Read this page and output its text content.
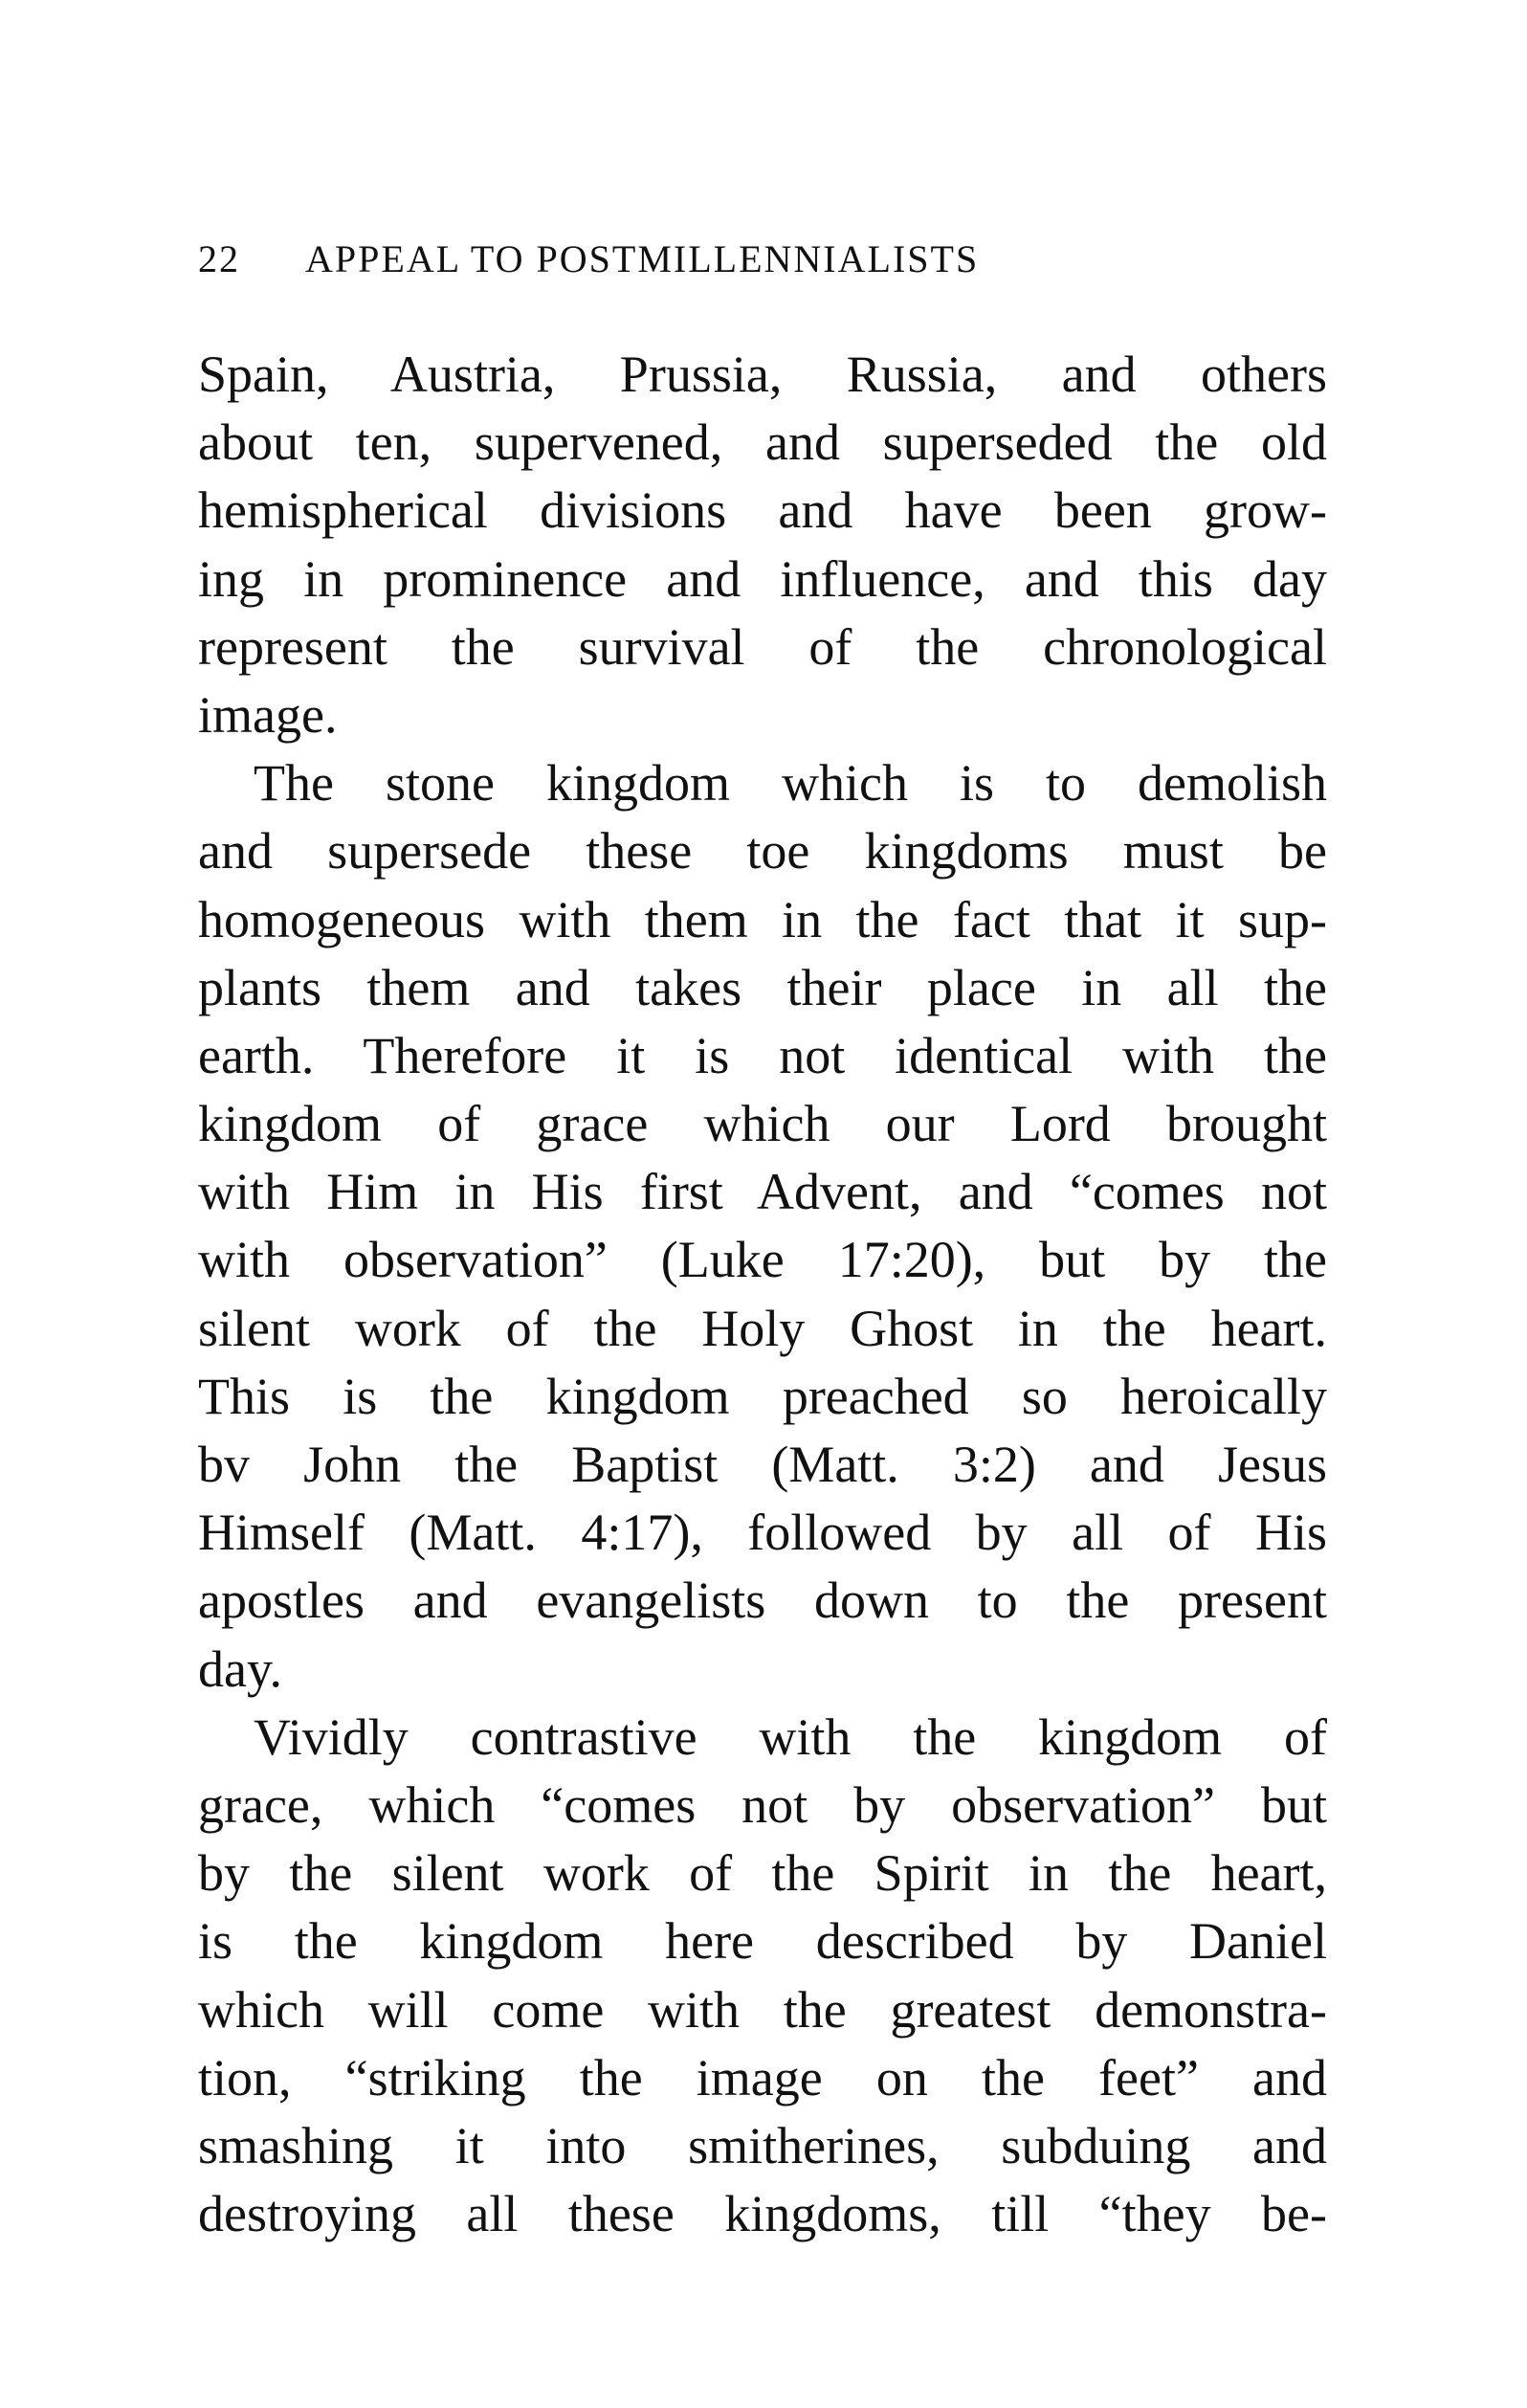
22 APPEAL TO POSTMILLENNIALISTS
Spain, Austria, Prussia, Russia, and others
about ten, supervened, and superseded the old
hemispherical divisions and have been grow-
ing in prominence and influence, and this day
represent the survival of the chronological
image.
The stone kingdom which is to demolish
and supersede these toe kingdoms must be
homogeneous with them in the fact that it sup-
plants them and takes their place in all the
earth. Therefore it is not identical with the
kingdom of grace which our Lord brought
with Him in His first Advent, and “comes not
with observation” (Luke 17:20), but by the
silent work of the Holy Ghost in the heart.
This is the kingdom preached so heroically
bv John the Baptist (Matt. 3:2) and Jesus
Himself (Matt. 4:17), followed by all of His
apostles and evangelists down to the present
day.
Vividly contrastive with the kingdom of
grace, which “comes not by observation” but
by the silent work of the Spirit in the heart,
is the kingdom here described by Daniel
which will come with the greatest demonstra-
tion, “striking the image on the feet” and
smashing it into smitherines, subduing and
destroying all these kingdoms, till “they be-
